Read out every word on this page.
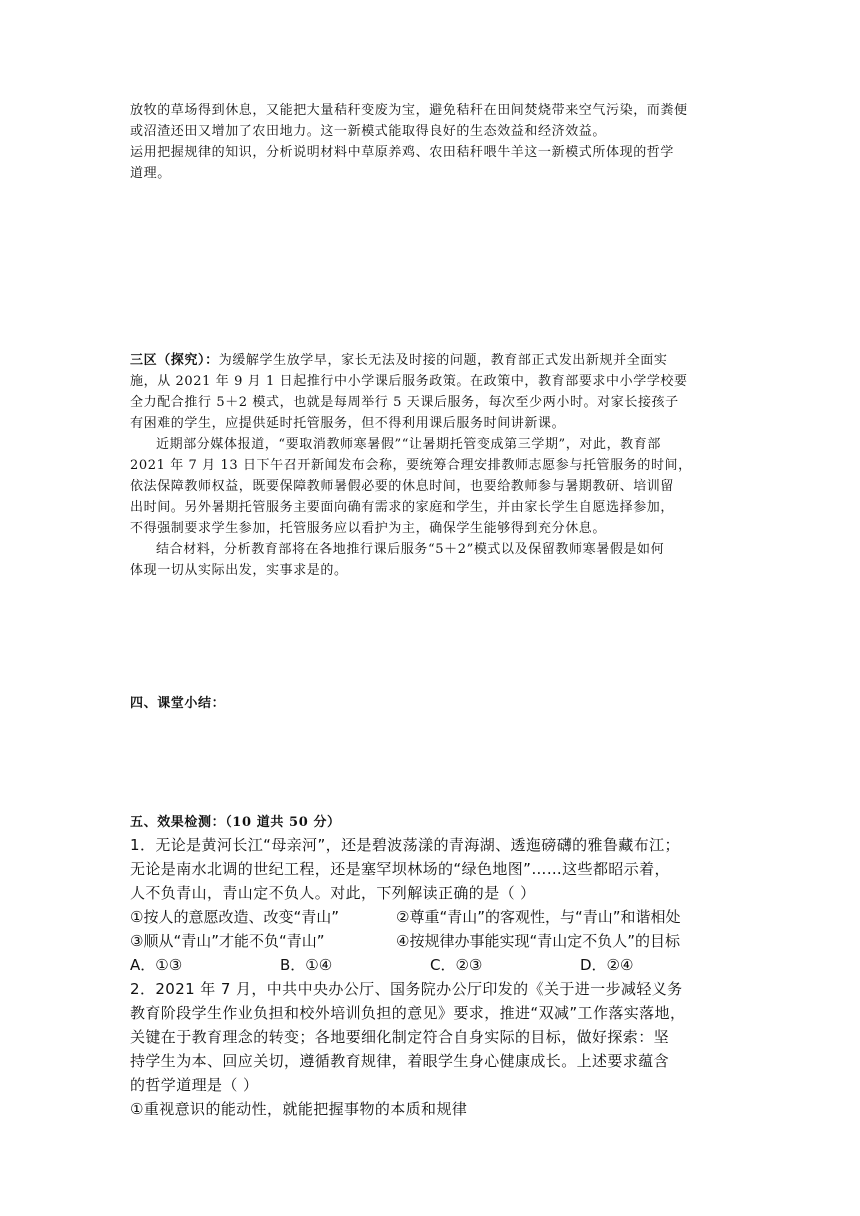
放牧的草场得到休息，又能把大量秸秆变废为宝，避免秸秆在田间焚烧带来空气污染，而粪便
或沼渣还田又增加了农田地力。这一新模式能取得良好的生态效益和经济效益。
运用把握规律的知识，分析说明材料中草原养鸡、农田秸秆喂牛羊这一新模式所体现的哲学
道理。
三区（探究）：为缓解学生放学早，家长无法及时接的问题，教育部正式发出新规并全面实
施，从 2021 年 9 月 1 日起推行中小学课后服务政策。在政策中，教育部要求中小学学校要
全力配合推行 5＋2 模式，也就是每周举行 5 天课后服务，每次至少两小时。对家长接孩子
有困难的学生，应提供延时托管服务，但不得利用课后服务时间讲新课。
近期部分媒体报道，“要取消教师寒暑假”“让暑期托管变成第三学期”，对此，教育部
2021 年 7 月 13 日下午召开新闻发布会称，要统筹合理安排教师志愿参与托管服务的时间，
依法保障教师权益，既要保障教师暑假必要的休息时间，也要给教师参与暑期教研、培训留
出时间。另外暑期托管服务主要面向确有需求的家庭和学生，并由家长学生自愿选择参加，
不得强制要求学生参加，托管服务应以看护为主，确保学生能够得到充分休息。
结合材料，分析教育部将在各地推行课后服务“5＋2”模式以及保留教师寒暑假是如何
体现一切从实际出发，实事求是的。
四、课堂小结：
五、效果检测：（10 道共 50 分）
1．无论是黄河长江“母亲河”，还是碧波荡漾的青海湖、透迤磅礴的雅鲁藏布江；
无论是南水北调的世纪工程，还是塞罕坝林场的“绿色地图”……这些都昭示着，
人不负青山，青山定不负人。对此，下列解读正确的是（ ）
①按人的意愿改造、改变“青山”	②尊重“青山”的客观性，与“青山”和谐相处
③顺从“青山”才能不负“青山”	④按规律办事能实现“青山定不负人”的目标
A．①③	B．①④	C．②③	D．②④
2．2021 年 7 月，中共中央办公厅、国务院办公厅印发的《关于进一步减轻义务
教育阶段学生作业负担和校外培训负担的意见》要求，推进“双减”工作落实落地，
关键在于教育理念的转变；各地要细化制定符合自身实际的目标，做好探索：坚
持学生为本、回应关切，遵循教育规律，着眼学生身心健康成长。上述要求蕴含
的哲学道理是（ ）
①重视意识的能动性，就能把握事物的本质和规律
